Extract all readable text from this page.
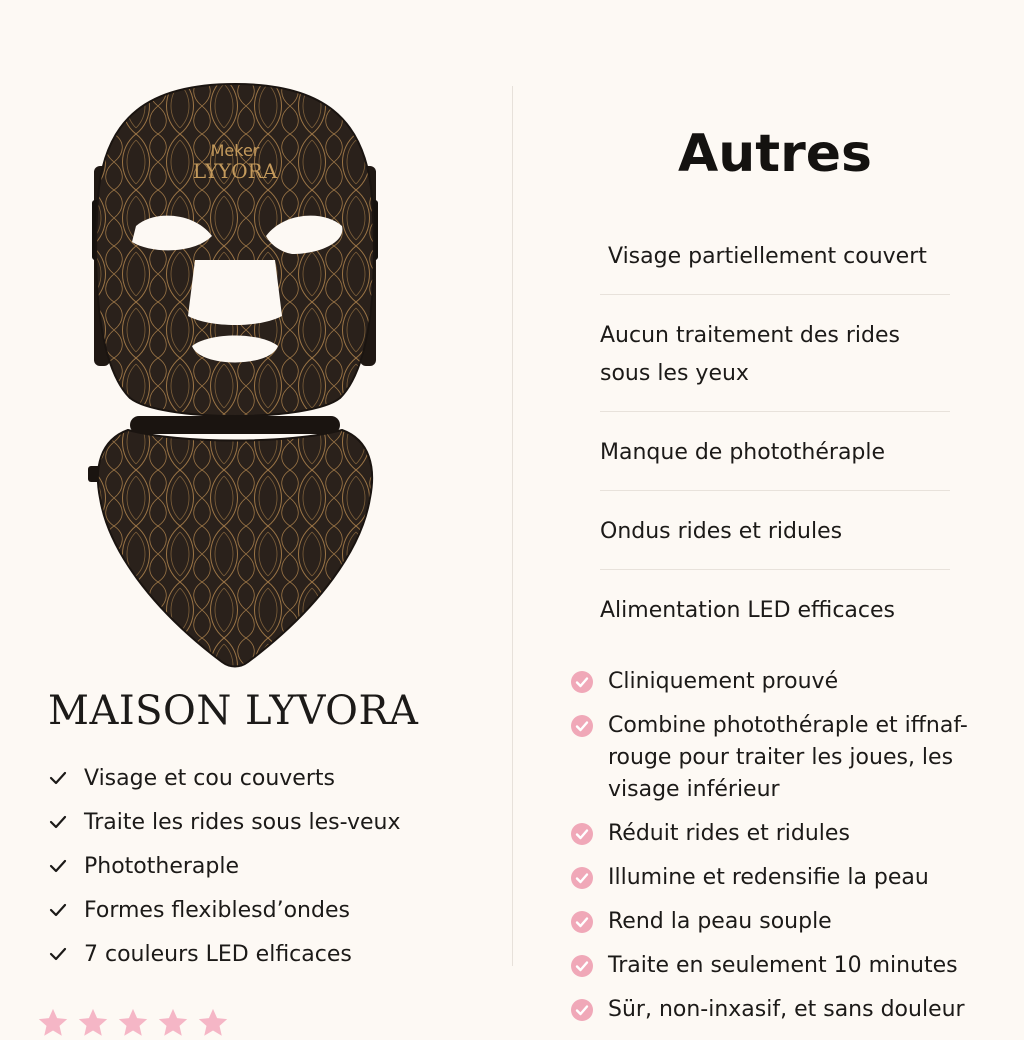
Meker
LYYORA
MAISON LYVORA
Visage et cou couverts
Traite les rides sous les-veux
Phototheraple
Formes flexiblesd’ondes
7 couleurs LED elficaces
Autres
Visage partiellement couvert
Aucun traitement des rides sous les yeux
Manque de photothéraple
Ondus rides et ridules
Alimentation LED efficaces
Cliniquement prouvé
Combine photothéraple et iffnaf-rouge pour traiter les joues, les visage inférieur
Réduit rides et ridules
Illumine et redensifie la peau
Rend la peau souple
Traite en seulement 10 minutes
Sür, non-inxasif, et sans douleur
